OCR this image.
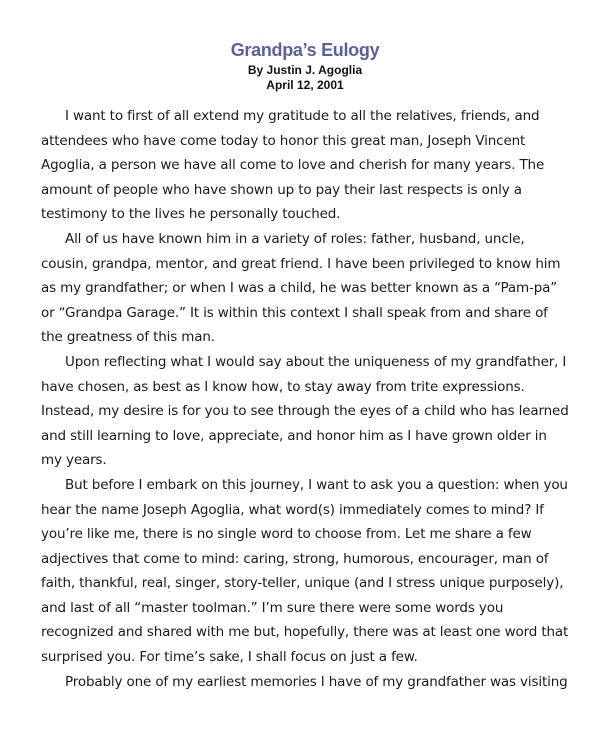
Grandpa’s Eulogy
By Justin J. Agoglia
April 12, 2001

I want to first of all extend my gratitude to all the relatives, friends, and attendees who have come today to honor this great man, Joseph Vincent Agoglia, a person we have all come to love and cherish for many years. The amount of people who have shown up to pay their last respects is only a testimony to the lives he personally touched.

All of us have known him in a variety of roles: father, husband, uncle, cousin, grandpa, mentor, and great friend. I have been privileged to know him as my grandfather; or when I was a child, he was better known as a “Pam-pa” or “Grandpa Garage.” It is within this context I shall speak from and share of the greatness of this man.

Upon reflecting what I would say about the uniqueness of my grandfather, I have chosen, as best as I know how, to stay away from trite expressions. Instead, my desire is for you to see through the eyes of a child who has learned and still learning to love, appreciate, and honor him as I have grown older in my years.

But before I embark on this journey, I want to ask you a question: when you hear the name Joseph Agoglia, what word(s) immediately comes to mind? If you’re like me, there is no single word to choose from. Let me share a few adjectives that come to mind: caring, strong, humorous, encourager, man of faith, thankful, real, singer, story-teller, unique (and I stress unique purposely), and last of all “master toolman.” I’m sure there were some words you recognized and shared with me but, hopefully, there was at least one word that surprised you. For time’s sake, I shall focus on just a few.

Probably one of my earliest memories I have of my grandfather was visiting
